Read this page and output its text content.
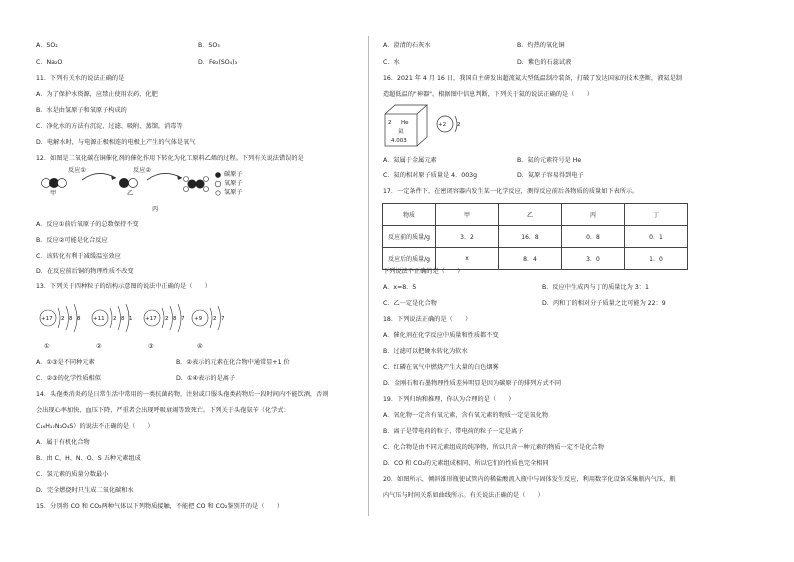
A．SO₂	B．SO₃
C．Na₂O	D．Fe₂(SO₄)₃
11．下列有关水的说法正确的是
A．为了保护水资源，应禁止使用农药、化肥
B．水是由氢原子和氧原子构成的
C．净化水的方法有沉淀、过滤、吸附、蒸馏，消毒等
D．电解水时，与电源正极相连的电极上产生的气体是氧气
12．如图是二氧化碳在铜催化剂的催化作用下转化为化工原料乙烯的过程。下列有关说法错误的是
反应①	反应②
甲	乙
丙
碳原子
氧原子
氢原子
A．反应①前后氧原子的总数保持不变
B．反应②可能是化合反应
C．该转化有利于减缓温室效应
D．在反应前后铜的物理性质不改变
13．下列关于四种粒子的结构示意图的说法中正确的是（　　）
+17 2 8 8 +11 2 8 1 +17 2 8 7 +9 2 7
①	②	③	④
A．①③是不同种元素	B．②表示的元素在化合物中通常显+1 价
C．②③的化学性质相似	D．①④表示的是离子
14．头孢类消炎药是日常生活中常用的一类抗菌药物，注射或口服头孢类药物后一段时间内不能饮酒，否则
会出现心率加快、血压下降，严重者会出现呼吸衰竭等致死亡。下列关于头孢氨苄（化学式：
C₁₆H₁₇N₃O₄S）的说法不正确的是（　　）
A．属于有机化合物
B．由 C、H、N、O、S 五种元素组成
C．氢元素的质量分数最小
D．完全燃烧时只生成二氧化碳和水
15．分别将 CO 和 CO₂两种气体以下列物质接触，不能把 CO 和 CO₂鉴别开的是（　　）
A．澄清的石灰水	B．灼热的氧化铜
C．水	D．紫色的石蕊试液
16．2021 年 4 月 16 日，我国自主研发出超流氦大型低温制冷装备，打破了发达国家的技术垄断，液氦是制
造超低温的"神器"。根据图中信息判断，下列关于氦的说法正确的是（　　）
2 He
氦
4.003
+2 2
A．氦属于金属元素	B．氦的元素符号是 He
C．氦的相对原子质量是 4．003g	D．氦原子容易得到电子
17．一定条件下，在密闭容器内发生某一化学反应，测得反应前后各物质的质量如下表所示。
物质	甲	乙	丙	丁
反应前的质量/g	3．2	16．8	0．8	0．1
反应后的质量/g	x	8．4	3．0	1．0
下列说法不正确的是（　　）
A．x=8．5	B．反应中生成丙与丁的质量比为 3：1
C．乙一定是化合物	D．丙和丁的相对分子质量之比可能为 22：9
18．下列说法正确的是（　　）
A．催化剂在化学反应中质量和性质都不变
B．过滤可以把硬水转化为软水
C．红磷在氧气中燃烧产生大量的白色烟雾
D．金刚石和石墨物理性质差异明显是因为碳原子的排列方式不同
19．下列归纳和推理，你认为合理的是（　　）
A．氧化物一定含有氧元素，含有氧元素的物质一定是氧化物
B．离子是带电荷的粒子，带电荷的粒子一定是离子
C．化合物是由不同元素组成的纯净物，所以只含一种元素的物质一定不是化合物
D．CO 和 CO₂的元素组成相同，所以它们的性质也完全相同
20．如图所示，倾斜锥形瓶使试管内的稀盐酸流入瓶中与固体发生反应，利用数字化设备采集瓶内气压，瓶
内气压与时间关系如曲线所示。有关说法正确的是（　　）
